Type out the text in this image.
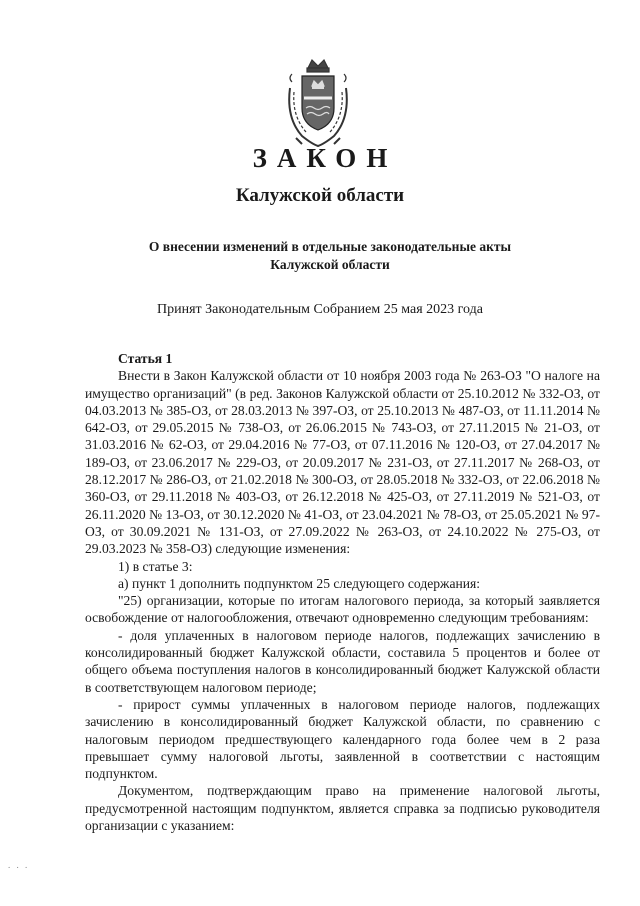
ЗАКОН
Калужской области
О внесении изменений в отдельные законодательные акты
Калужской области
Принят Законодательным Собранием 25 мая 2023 года

Статья 1

Внести в Закон Калужской области от 10 ноября 2003 года № 263-ОЗ "О налоге на имущество организаций" (в ред. Законов Калужской области от 25.10.2012 № 332-ОЗ, от 04.03.2013 № 385-ОЗ, от 28.03.2013 № 397-ОЗ, от 25.10.2013 № 487-ОЗ, от 11.11.2014 № 642-ОЗ, от 29.05.2015 № 738-ОЗ, от 26.06.2015 № 743-ОЗ, от 27.11.2015 № 21-ОЗ, от 31.03.2016 № 62-ОЗ, от 29.04.2016 № 77-ОЗ, от 07.11.2016 № 120-ОЗ, от 27.04.2017 № 189-ОЗ, от 23.06.2017 № 229-ОЗ, от 20.09.2017 № 231-ОЗ, от 27.11.2017 № 268-ОЗ, от 28.12.2017 № 286-ОЗ, от 21.02.2018 № 300-ОЗ, от 28.05.2018 № 332-ОЗ, от 22.06.2018 № 360-ОЗ, от 29.11.2018 № 403-ОЗ, от 26.12.2018 № 425-ОЗ, от 27.11.2019 № 521-ОЗ, от 26.11.2020 № 13-ОЗ, от 30.12.2020 № 41-ОЗ, от 23.04.2021 № 78-ОЗ, от 25.05.2021 № 97-ОЗ, от 30.09.2021 № 131-ОЗ, от 27.09.2022 № 263-ОЗ, от 24.10.2022 № 275-ОЗ, от 29.03.2023 № 358-ОЗ) следующие изменения:

1) в статье 3:

а) пункт 1 дополнить подпунктом 25 следующего содержания:

"25) организации, которые по итогам налогового периода, за который заявляется освобождение от налогообложения, отвечают одновременно следующим требованиям:

- доля уплаченных в налоговом периоде налогов, подлежащих зачислению в консолидированный бюджет Калужской области, составила 5 процентов и более от общего объема поступления налогов в консолидированный бюджет Калужской области в соответствующем налоговом периоде;

- прирост суммы уплаченных в налоговом периоде налогов, подлежащих зачислению в консолидированный бюджет Калужской области, по сравнению с налоговым периодом предшествующего календарного года более чем в 2 раза превышает сумму налоговой льготы, заявленной в соответствии с настоящим подпунктом.

Документом, подтверждающим право на применение налоговой льготы, предусмотренной настоящим подпунктом, является справка за подписью руководителя организации с указанием:

. . .
